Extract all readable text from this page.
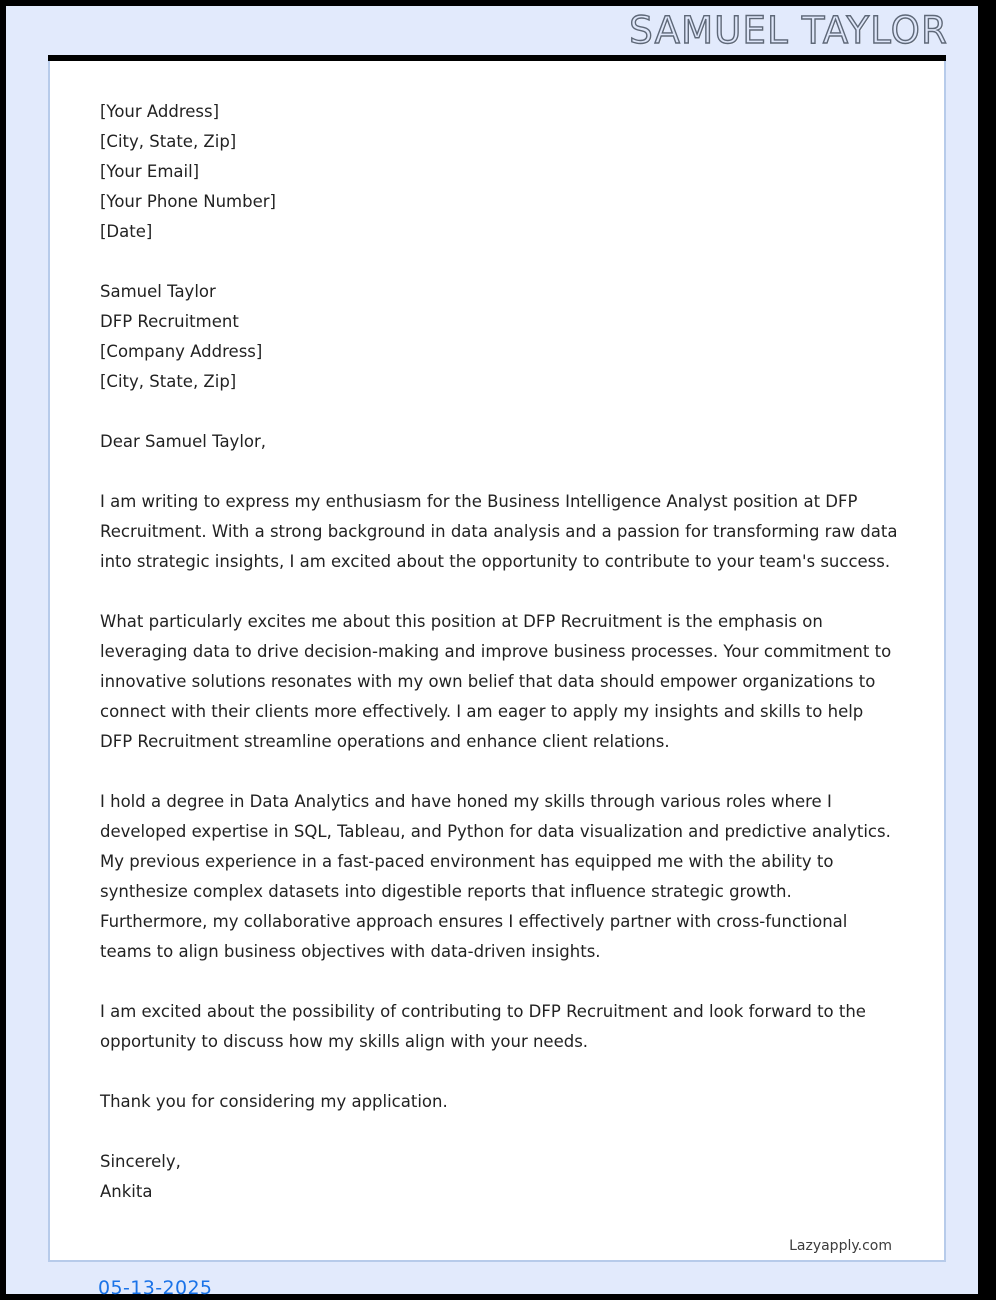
SAMUEL TAYLOR
[Your Address]
[City, State, Zip]
[Your Email]
[Your Phone Number]
[Date]
Samuel Taylor
DFP Recruitment
[Company Address]
[City, State, Zip]

Dear Samuel Taylor,

I am writing to express my enthusiasm for the Business Intelligence Analyst position at DFP Recruitment. With a strong background in data analysis and a passion for transforming raw data into strategic insights, I am excited about the opportunity to contribute to your team's success.

What particularly excites me about this position at DFP Recruitment is the emphasis on leveraging data to drive decision-making and improve business processes. Your commitment to innovative solutions resonates with my own belief that data should empower organizations to connect with their clients more effectively. I am eager to apply my insights and skills to help DFP Recruitment streamline operations and enhance client relations.

I hold a degree in Data Analytics and have honed my skills through various roles where I developed expertise in SQL, Tableau, and Python for data visualization and predictive analytics. My previous experience in a fast-paced environment has equipped me with the ability to synthesize complex datasets into digestible reports that influence strategic growth. Furthermore, my collaborative approach ensures I effectively partner with cross-functional teams to align business objectives with data-driven insights.

I am excited about the possibility of contributing to DFP Recruitment and look forward to the opportunity to discuss how my skills align with your needs.

Thank you for considering my application.

Sincerely,
Ankita
Lazyapply.com
05-13-2025
